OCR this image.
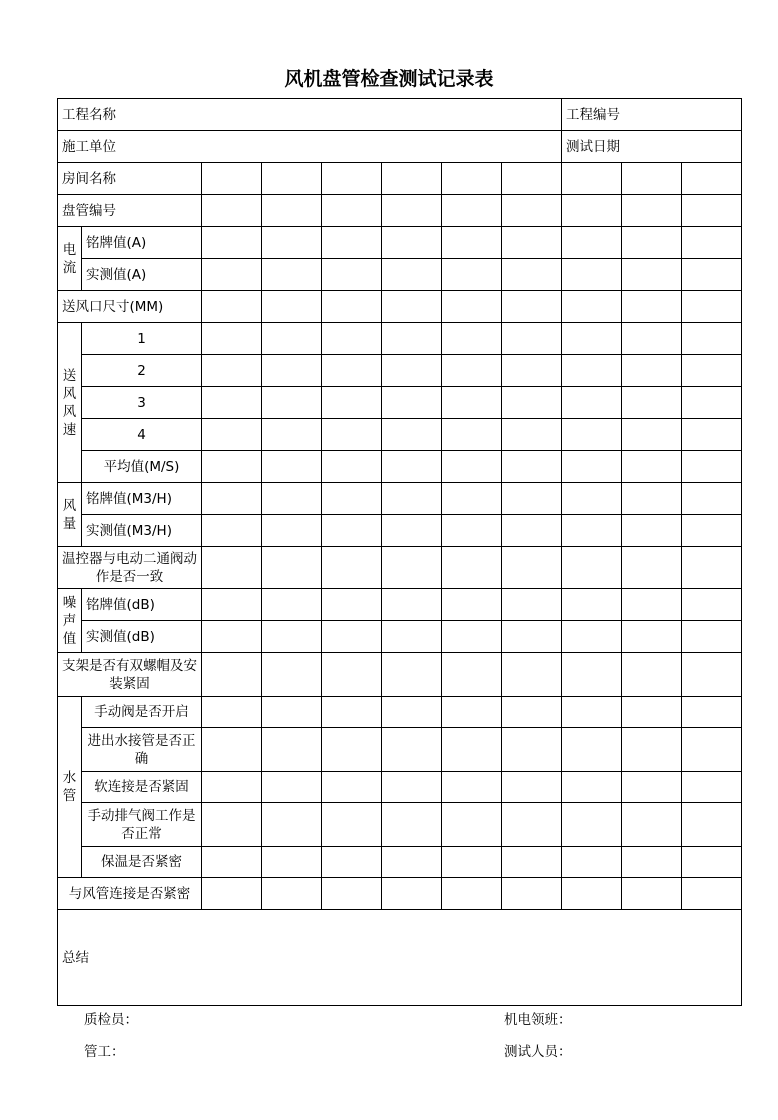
风机盘管检查测试记录表
工程名称								工程编号		
施工单位								测试日期		
房间名称										
盘管编号										
电流	铭牌值(A)									
	实测值(A)									
送风口尺寸(MM)										
送风风速	1									
	2									
	3									
	4									
	平均值(M/S)									
风量	铭牌值(M3/H)									
	实测值(M3/H)									
温控器与电动二通阀动作是否一致										
噪声值	铭牌值(dB)									
	实测值(dB)									
支架是否有双螺帽及安装紧固										
水管	手动阀是否开启									
	进出水接管是否正确									
	软连接是否紧固									
	手动排气阀工作是否正常									
	保温是否紧密									
与风管连接是否紧密										
总结										
质检员：	机电领班：
管工：	测试人员：
